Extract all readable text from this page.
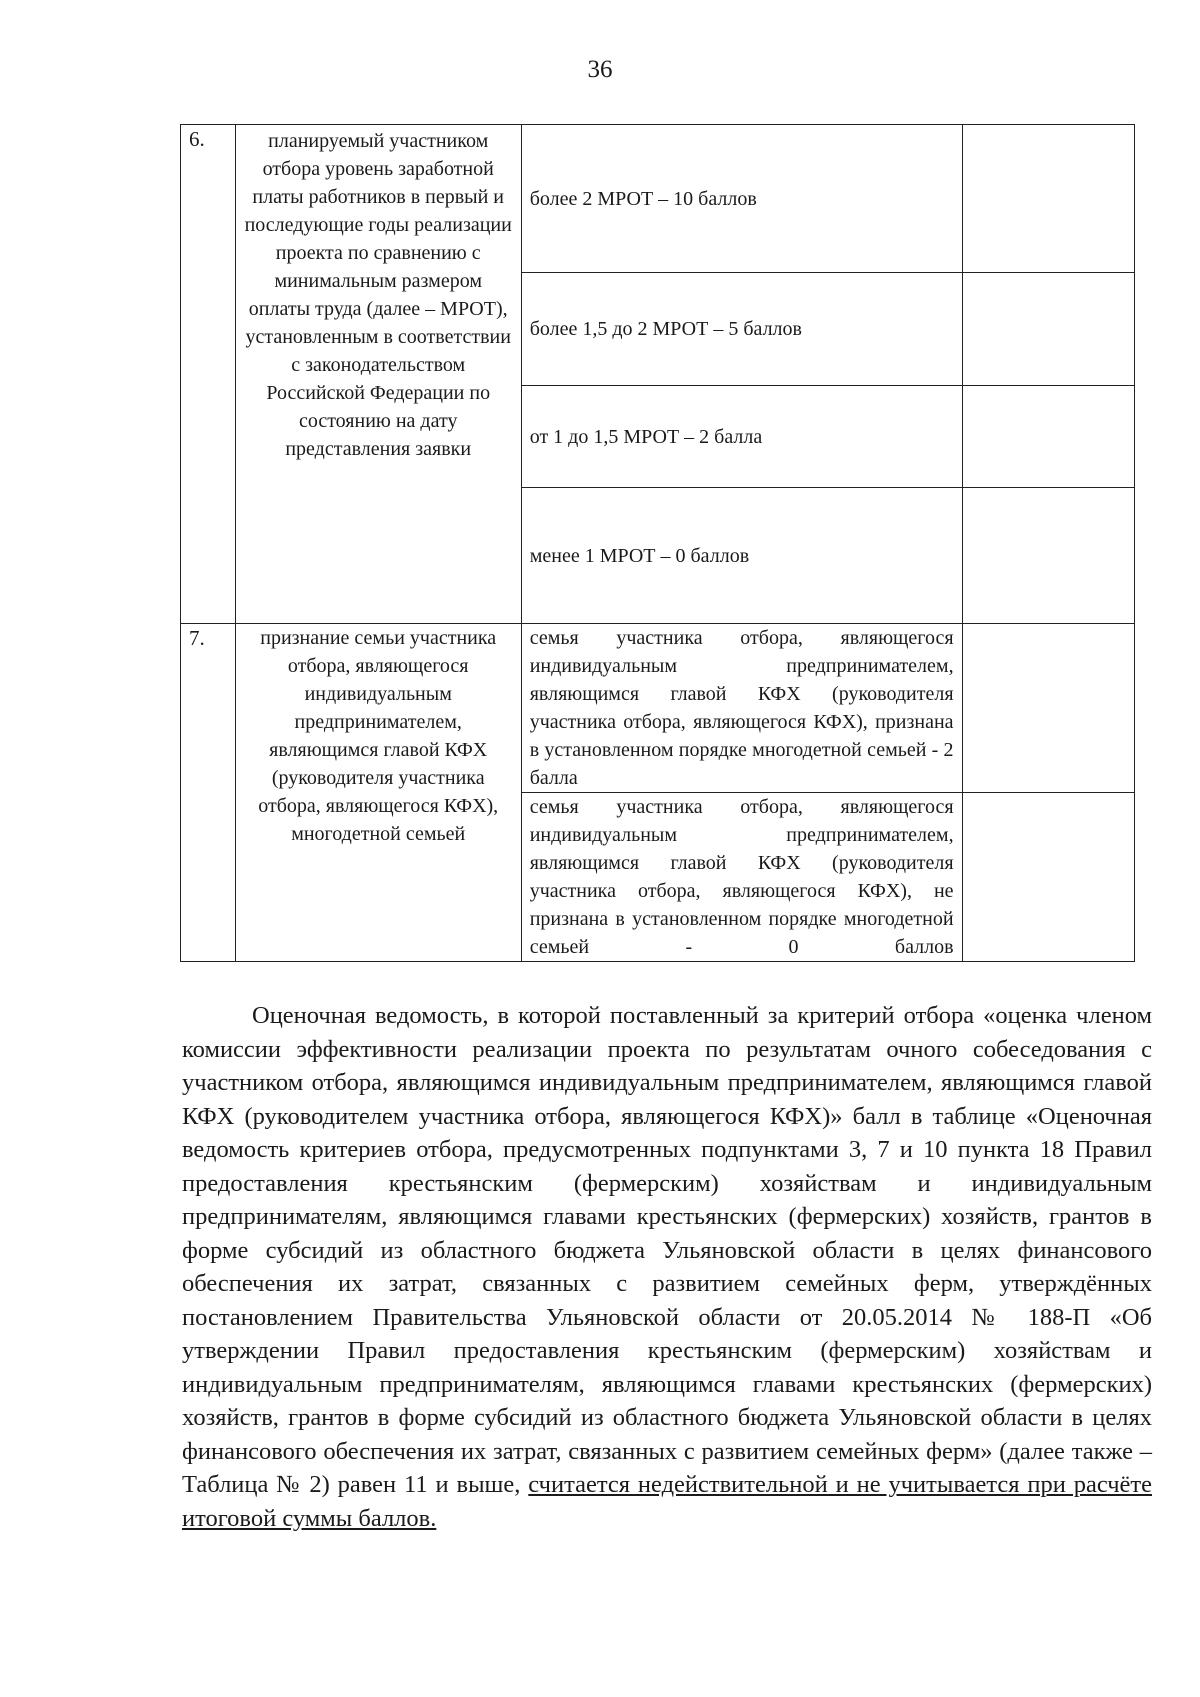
36
6.	планируемый участником отбора уровень заработной платы работников в первый и последующие годы реализации проекта по сравнению с минимальным размером оплаты труда (далее – МРОТ), установленным в соответствии с законодательством Российской Федерации по состоянию на дату представления заявки	более 2 МРОТ – 10 баллов	
		более 1,5 до 2 МРОТ – 5 баллов	
		от 1 до 1,5 МРОТ – 2 балла	
		менее 1 МРОТ – 0 баллов	
7.	признание семьи участника отбора, являющегося индивидуальным предпринимателем, являющимся главой КФХ (руководителя участника отбора, являющегося КФХ), многодетной семьей	семья участника отбора, являющегося индивидуальным предпринимателем, являющимся главой КФХ (руководителя участника отбора, являющегося КФХ), признана в установленном порядке многодетной семьей - 2 балла	
		семья участника отбора, являющегося индивидуальным предпринимателем, являющимся главой КФХ (руководителя участника отбора, являющегося КФХ), не признана в установленном порядке многодетной семьей - 0 баллов	
Оценочная ведомость, в которой поставленный за критерий отбора «оценка членом комиссии эффективности реализации проекта по результатам очного собеседования с участником отбора, являющимся индивидуальным предпринимателем, являющимся главой КФХ (руководителем участника отбора, являющегося КФХ)» балл в таблице «Оценочная ведомость критериев отбора, предусмотренных подпунктами 3, 7 и 10 пункта 18 Правил предоставления крестьянским (фермерским) хозяйствам и индивидуальным предпринимателям, являющимся главами крестьянских (фермерских) хозяйств, грантов в форме субсидий из областного бюджета Ульяновской области в целях финансового обеспечения их затрат, связанных с развитием семейных ферм, утверждённых постановлением Правительства Ульяновской области от 20.05.2014 № 188-П «Об утверждении Правил предоставления крестьянским (фермерским) хозяйствам и индивидуальным предпринимателям, являющимся главами крестьянских (фермерских) хозяйств, грантов в форме субсидий из областного бюджета Ульяновской области в целях финансового обеспечения их затрат, связанных с развитием семейных ферм» (далее также – Таблица № 2) равен 11 и выше, считается недействительной и не учитывается при расчёте итоговой суммы баллов.
